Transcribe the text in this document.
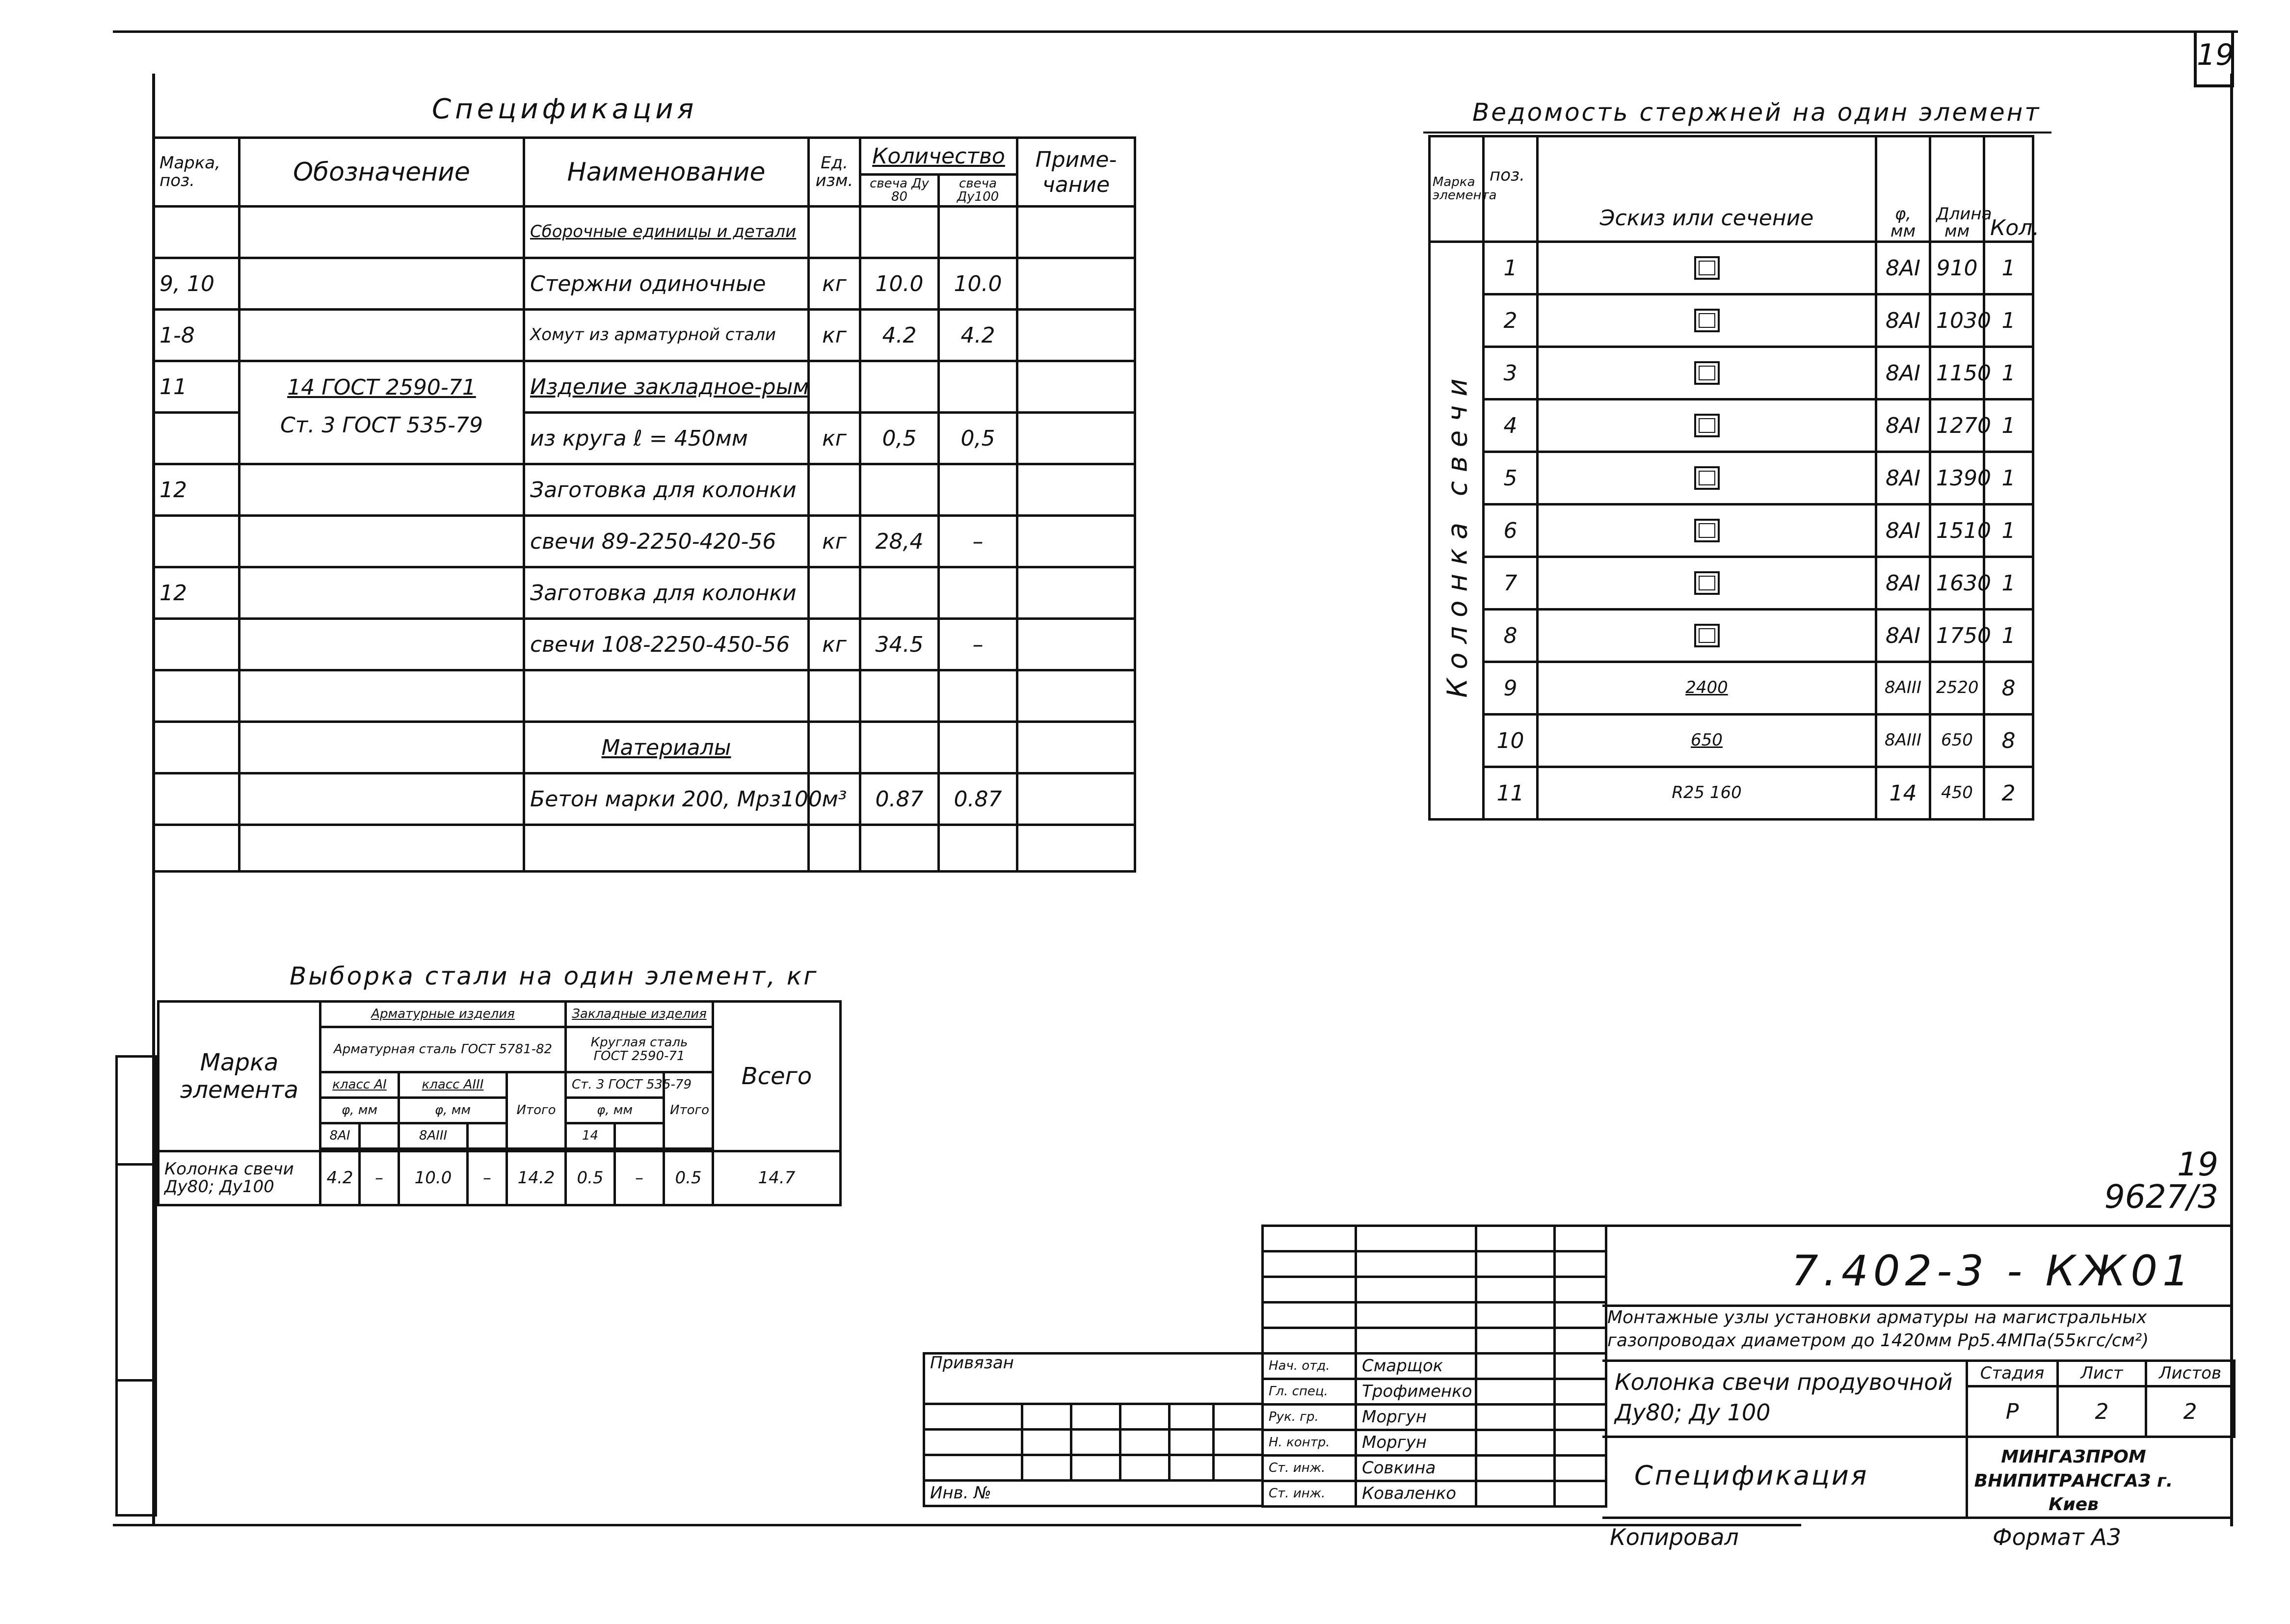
19
Спецификация
Марка, поз.	Обозначение	Наименование	Ед. изм.	Количество		Приме- чание
				свеча Ду 80	свеча Ду100	
		Сборочные единицы и детали				
9, 10		Стержни одиночные	кг	10.0	10.0	
1-8		Хомут из арматурной стали	кг	4.2	4.2	
11	14 ГОСТ 2590-71	Изделие закладное-рым				
	Ст. 3 ГОСТ 535-79	из круга ℓ = 450мм	кг	0,5	0,5	
12		Заготовка для колонки				
		свечи 89-2250-420-56	кг	28,4	–	
12		Заготовка для колонки				
		свечи 108-2250-450-56	кг	34.5	–	

		Материалы				
		Бетон марки 200, Мрз100	м³	0.87	0.87	

Ведомость стержней на один элемент
Марка элемента	поз.	Эскиз или сечение	φ, мм	Длина мм	Кол.

Колонка свечи	1		8AI	910	1
	2		8AI	1030	1
	3		8AI	1150	1
	4		8AI	1270	1
	5		8AI	1390	1
	6		8AI	1510	1
	7		8AI	1630	1
	8		8AI	1750	1
	9	2400	8AIII	2520	8
	10	650	8AIII	650	8
	11	R25 160	14	450	2
Выборка стали на один элемент, кг
Марка элемента	Арматурные изделия					Закладные изделия			Всего
	Арматурная сталь ГОСТ 5781-82					Круглая сталь ГОСТ 2590-71			
	класс AI		класс AIII		Итого	Ст. 3 ГОСТ 535-79		Итого	
	φ, мм		φ, мм			φ, мм			
	8AI		8AIII			14			

Колонка свечи Ду80; Ду100	4.2	–	10.0	–	14.2	0.5	–	0.5	14.7	19
9627/3

Нач. отд.	Смарщок		
Гл. спец.	Трофименко		
Рук. гр.	Моргун		
Н. контр.	Моргун		
Ст. инж.	Совкина		
Ст. инж.	Коваленко		
Привязан					

Инв. №					
7.402-3 - КЖ01
Монтажные узлы установки арматуры на магистральных газопроводах диаметром до 1420мм Рр5.4МПа(55кгс/см²)
Колонка свечи продувочной Ду80; Ду 100
Стадия	Лист	Листов
Р	2	2
Спецификация
МИНГАЗПРОМ ВНИПИТРАНСГАЗ г. Киев
Копировал	Формат А3
